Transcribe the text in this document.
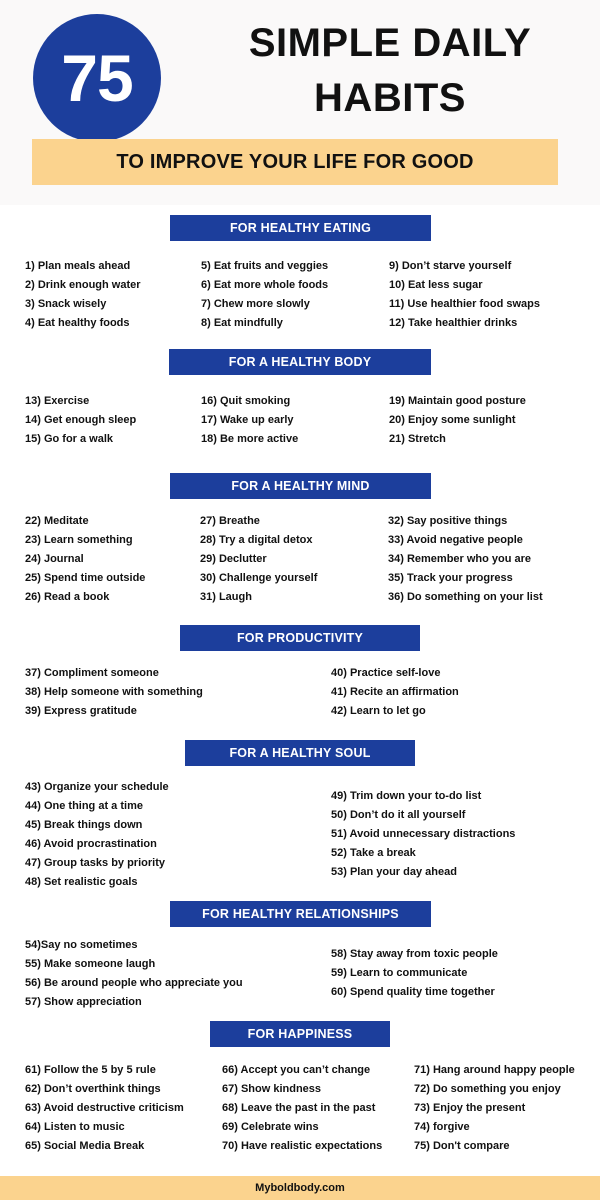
75	SIMPLE DAILY
HABITS
TO IMPROVE YOUR LIFE FOR GOOD
FOR HEALTHY EATING
1) Plan meals ahead
2) Drink enough water
3) Snack wisely
4) Eat healthy foods
5) Eat fruits and veggies
6) Eat more whole foods
7) Chew more slowly
8) Eat mindfully
9) Don’t starve yourself
10) Eat less sugar
11) Use healthier food swaps
12) Take healthier drinks
FOR A HEALTHY BODY
13) Exercise
14) Get enough sleep
15) Go for a walk
16) Quit smoking
17) Wake up early
18) Be more active
19) Maintain good posture
20) Enjoy some sunlight
21) Stretch
FOR A HEALTHY MIND
22) Meditate
23) Learn something
24) Journal
25) Spend time outside
26) Read a book
27) Breathe
28) Try a digital detox
29) Declutter
30) Challenge yourself
31) Laugh
32) Say positive things
33) Avoid negative people
34) Remember who you are
35) Track your progress
36) Do something on your list
FOR PRODUCTIVITY
37) Compliment someone
38) Help someone with something
39) Express gratitude
40) Practice self-love
41) Recite an affirmation
42) Learn to let go
FOR A HEALTHY SOUL
43) Organize your schedule
44) One thing at a time
45) Break things down
46) Avoid procrastination
47) Group tasks by priority
48) Set realistic goals
49) Trim down your to-do list
50) Don’t do it all yourself
51) Avoid unnecessary distractions
52) Take a break
53) Plan your day ahead
FOR HEALTHY RELATIONSHIPS
54)Say no sometimes
55) Make someone laugh
56) Be around people who appreciate you
57) Show appreciation
58) Stay away from toxic people
59) Learn to communicate
60) Spend quality time together
FOR HAPPINESS
61) Follow the 5 by 5 rule
62) Don’t overthink things
63) Avoid destructive criticism
64) Listen to music
65) Social Media Break
66) Accept you can’t change
67) Show kindness
68) Leave the past in the past
69) Celebrate wins
70) Have realistic expectations
71) Hang around happy people
72) Do something you enjoy
73) Enjoy the present
74) forgive
75) Don't compare
Myboldbody.com
